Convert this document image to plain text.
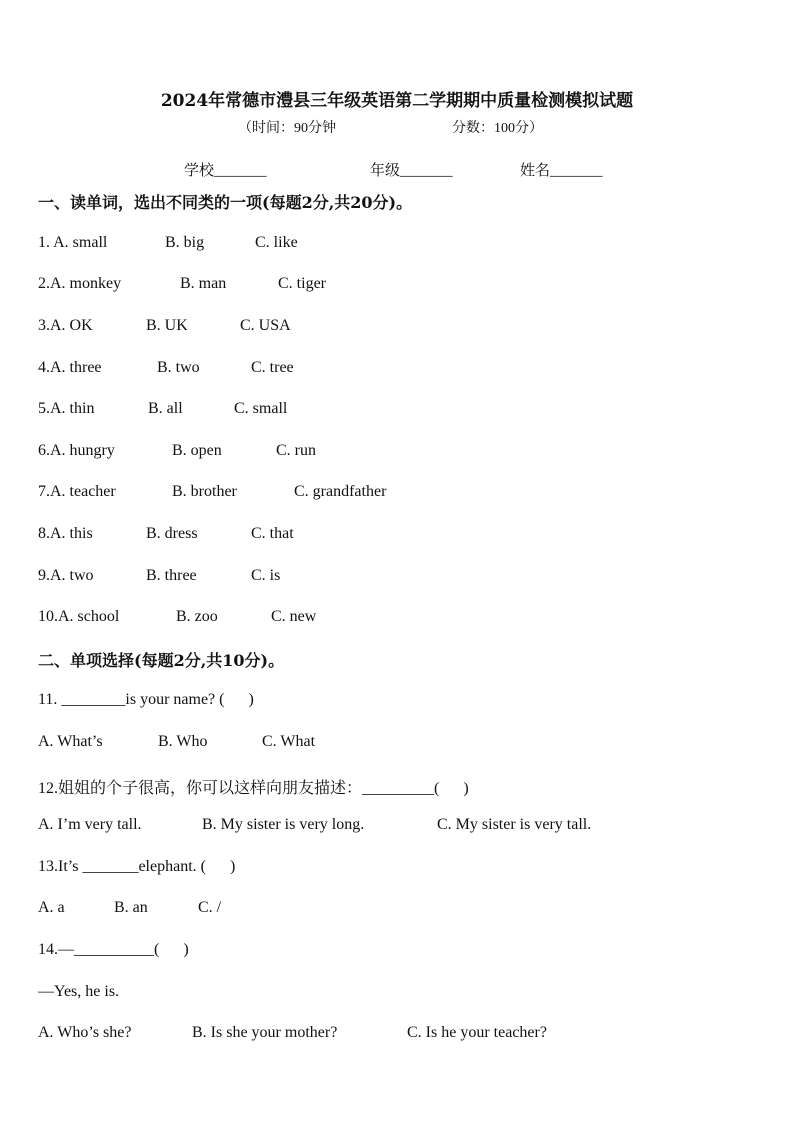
2024年常德市澧县三年级英语第二学期期中质量检测模拟试题
（时间：90分钟	分数：100分）
学校_______	年级_______	姓名_______
一、读单词，选出不同类的一项(每题2分,共20分)。
1. A. small	B. big	C. like
2.A. monkey	B. man	C. tiger
3.A. OK	B. UK	C. USA
4.A. three	B. two	C. tree
5.A. thin	B. all	C. small
6.A. hungry	B. open	C. run
7.A. teacher	B. brother	C. grandfather
8.A. this	B. dress	C. that
9.A. two	B. three	C. is
10.A. school	B. zoo	C. new
二、单项选择(每题2分,共10分)。
11. ________is your name? (      )
A. What’s	B. Who	C. What
12.姐姐的个子很高，你可以这样向朋友描述：_________(      )
A. I’m very tall.	B. My sister is very long.	C. My sister is very tall.
13.It’s _______elephant. (      )
A. a	B. an	C. /
14.—__________(      )
—Yes, he is.
A. Who’s she?	B. Is she your mother?	C. Is he your teacher?
